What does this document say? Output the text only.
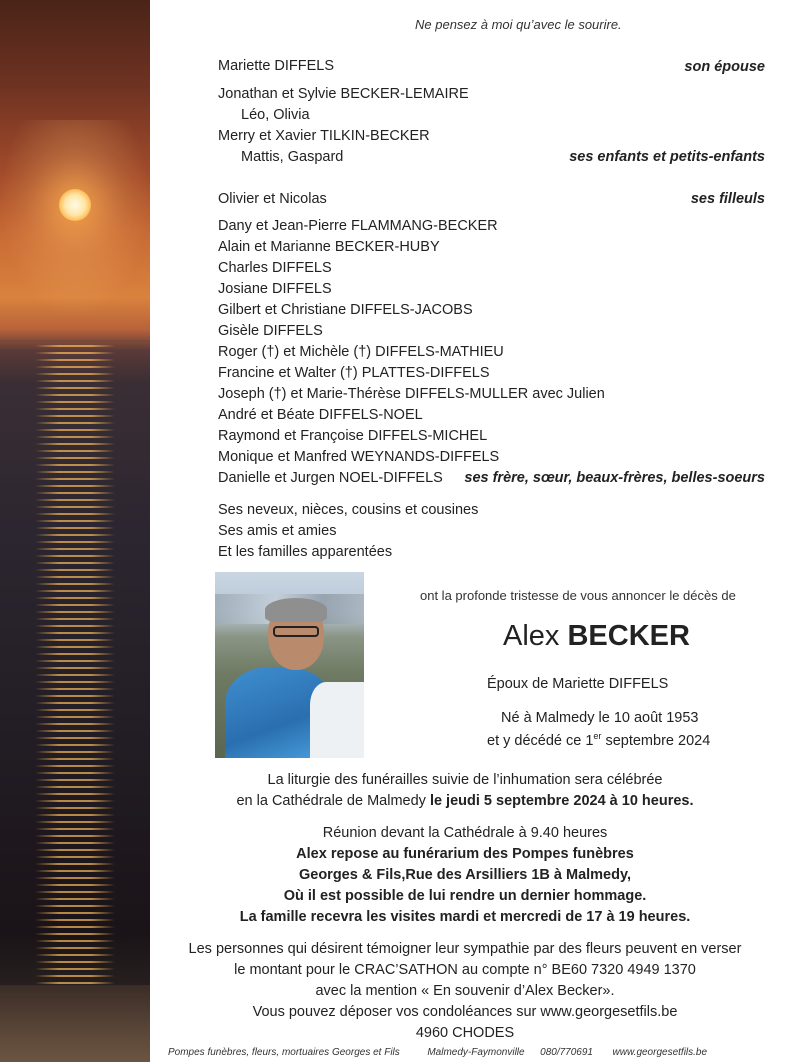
Ne pensez à moi qu’avec le sourire.
Mariette DIFFELS	son épouse
Jonathan et Sylvie BECKER-LEMAIRE
Léo, Olivia
Merry et Xavier TILKIN-BECKER
Mattis, Gaspard	ses enfants et petits-enfants
Olivier et Nicolas	ses filleuls
Dany et Jean-Pierre FLAMMANG-BECKER
Alain et Marianne BECKER-HUBY
Charles DIFFELS
Josiane DIFFELS
Gilbert et Christiane DIFFELS-JACOBS
Gisèle DIFFELS
Roger (†) et Michèle (†) DIFFELS-MATHIEU
Francine et Walter (†) PLATTES-DIFFELS
Joseph (†) et Marie-Thérèse DIFFELS-MULLER avec Julien
André et Béate DIFFELS-NOEL
Raymond et Françoise DIFFELS-MICHEL
Monique et Manfred WEYNANDS-DIFFELS
Danielle et Jurgen NOEL-DIFFELS ses frère, sœur, beaux-frères, belles-soeurs
Ses neveux, nièces, cousins et cousines
Ses amis et amies
Et les familles apparentées
ont la profonde tristesse de vous annoncer le décès de
Alex BECKER
Époux de Mariette DIFFELS
Né à Malmedy le 10 août 1953
et y décédé ce 1er septembre 2024
La liturgie des funérailles suivie de l’inhumation sera célébrée
en la Cathédrale de Malmedy le jeudi 5 septembre 2024 à 10 heures.
Réunion devant la Cathédrale à 9.40 heures
Alex repose au funérarium des Pompes funèbres
Georges & Fils,Rue des Arsilliers 1B à Malmedy,
Où il est possible de lui rendre un dernier hommage.
La famille recevra les visites mardi et mercredi de 17 à 19 heures.
Les personnes qui désirent témoigner leur sympathie par des fleurs peuvent en verser
le montant pour le CRAC’SATHON au compte n° BE60 7320 4949 1370
avec la mention « En souvenir d’Alex Becker».
Vous pouvez déposer vos condoléances sur www.georgesetfils.be
4960 CHODES
Pompes funèbres, fleurs, mortuaires Georges et Fils	Malmedy-Faymonville 080/770691 www.georgesetfils.be
